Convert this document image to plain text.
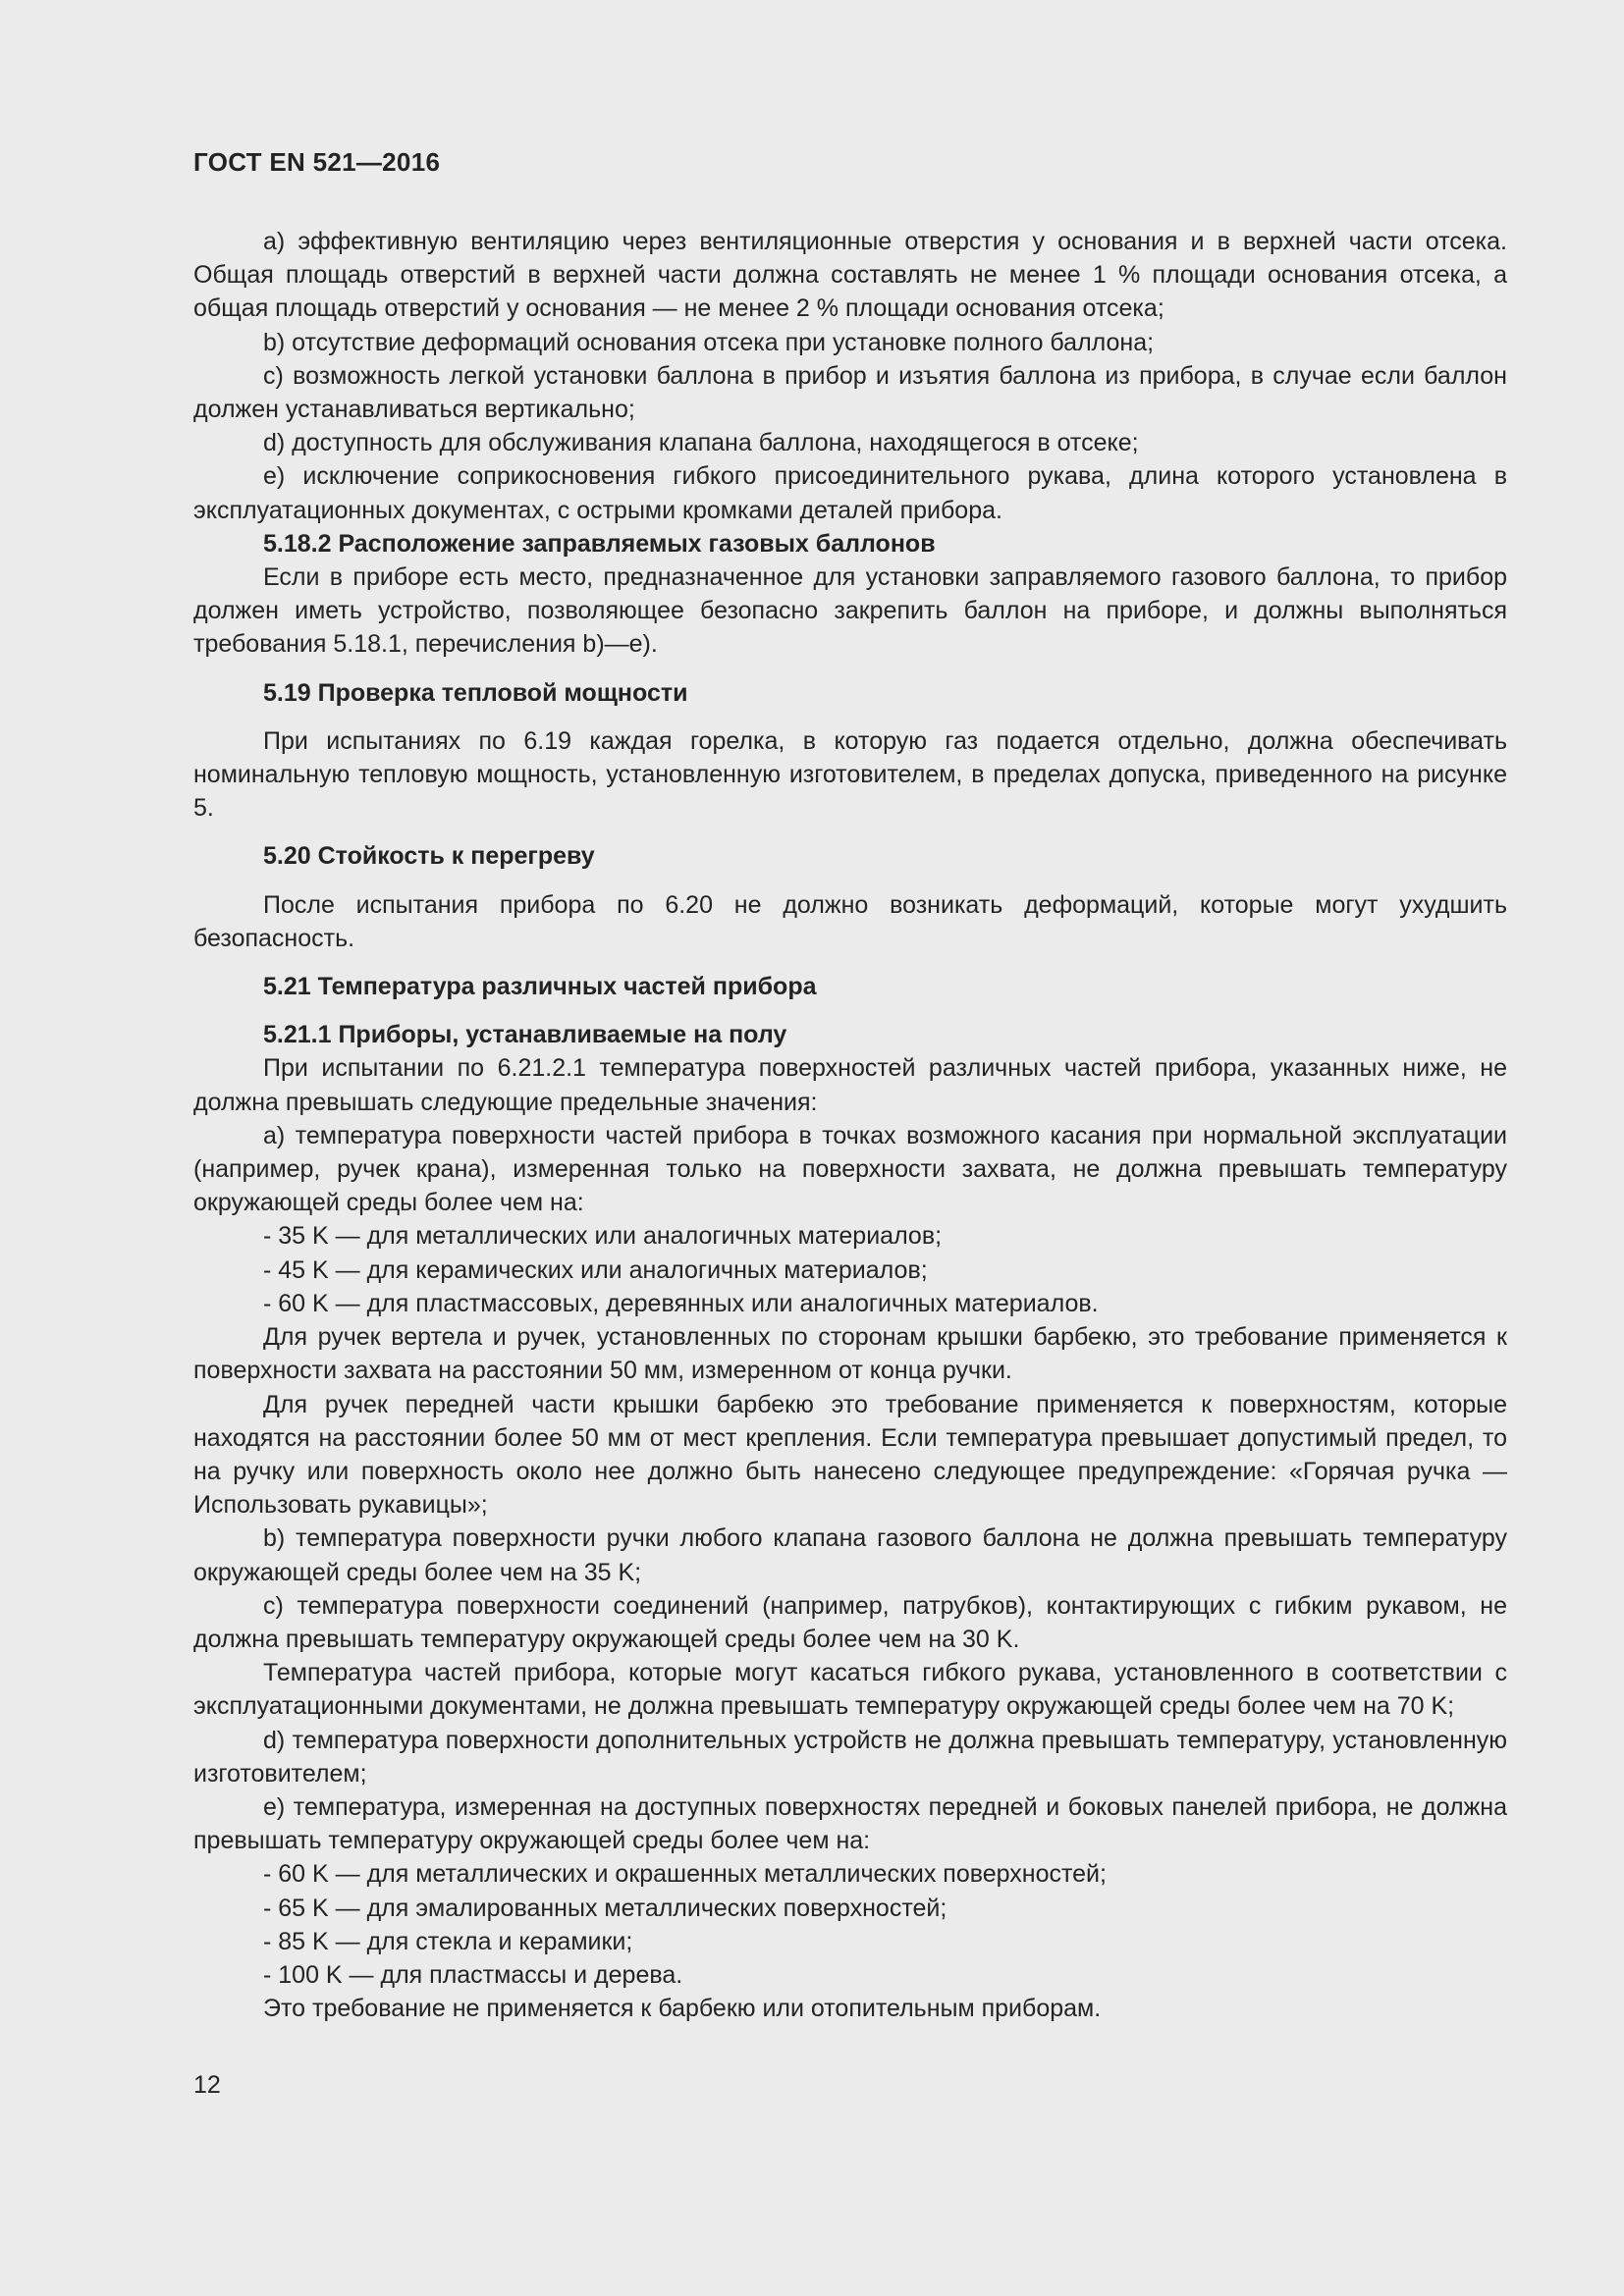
ГОСТ EN 521—2016

a) эффективную вентиляцию через вентиляционные отверстия у основания и в верхней части отсека. Общая площадь отверстий в верхней части должна составлять не менее 1 % площади основания отсека, а общая площадь отверстий у основания — не менее 2 % площади основания отсека;

b) отсутствие деформаций основания отсека при установке полного баллона;

c) возможность легкой установки баллона в прибор и изъятия баллона из прибора, в случае если баллон должен устанавливаться вертикально;

d) доступность для обслуживания клапана баллона, находящегося в отсеке;

e) исключение соприкосновения гибкого присоединительного рукава, длина которого установлена в эксплуатационных документах, с острыми кромками деталей прибора.

5.18.2 Расположение заправляемых газовых баллонов

Если в приборе есть место, предназначенное для установки заправляемого газового баллона, то прибор должен иметь устройство, позволяющее безопасно закрепить баллон на приборе, и должны выполняться требования 5.18.1, перечисления b)—e).

5.19 Проверка тепловой мощности

При испытаниях по 6.19 каждая горелка, в которую газ подается отдельно, должна обеспечивать номинальную тепловую мощность, установленную изготовителем, в пределах допуска, приведенного на рисунке 5.

5.20 Стойкость к перегреву

После испытания прибора по 6.20 не должно возникать деформаций, которые могут ухудшить безопасность.

5.21 Температура различных частей прибора
5.21.1 Приборы, устанавливаемые на полу

При испытании по 6.21.2.1 температура поверхностей различных частей прибора, указанных ниже, не должна превышать следующие предельные значения:

a) температура поверхности частей прибора в точках возможного касания при нормальной эксплуатации (например, ручек крана), измеренная только на поверхности захвата, не должна превышать температуру окружающей среды более чем на:

- 35 K — для металлических или аналогичных материалов;

- 45 K — для керамических или аналогичных материалов;

- 60 K — для пластмассовых, деревянных или аналогичных материалов.

Для ручек вертела и ручек, установленных по сторонам крышки барбекю, это требование применяется к поверхности захвата на расстоянии 50 мм, измеренном от конца ручки.

Для ручек передней части крышки барбекю это требование применяется к поверхностям, которые находятся на расстоянии более 50 мм от мест крепления. Если температура превышает допустимый предел, то на ручку или поверхность около нее должно быть нанесено следующее предупреждение: «Горячая ручка — Использовать рукавицы»;

b) температура поверхности ручки любого клапана газового баллона не должна превышать температуру окружающей среды более чем на 35 K;

c) температура поверхности соединений (например, патрубков), контактирующих с гибким рукавом, не должна превышать температуру окружающей среды более чем на 30 K.

Температура частей прибора, которые могут касаться гибкого рукава, установленного в соответствии с эксплуатационными документами, не должна превышать температуру окружающей среды более чем на 70 K;

d) температура поверхности дополнительных устройств не должна превышать температуру, установленную изготовителем;

e) температура, измеренная на доступных поверхностях передней и боковых панелей прибора, не должна превышать температуру окружающей среды более чем на:

- 60 K — для металлических и окрашенных металлических поверхностей;

- 65 K — для эмалированных металлических поверхностей;

- 85 K — для стекла и керамики;

- 100 K — для пластмассы и дерева.

Это требование не применяется к барбекю или отопительным приборам.

12
